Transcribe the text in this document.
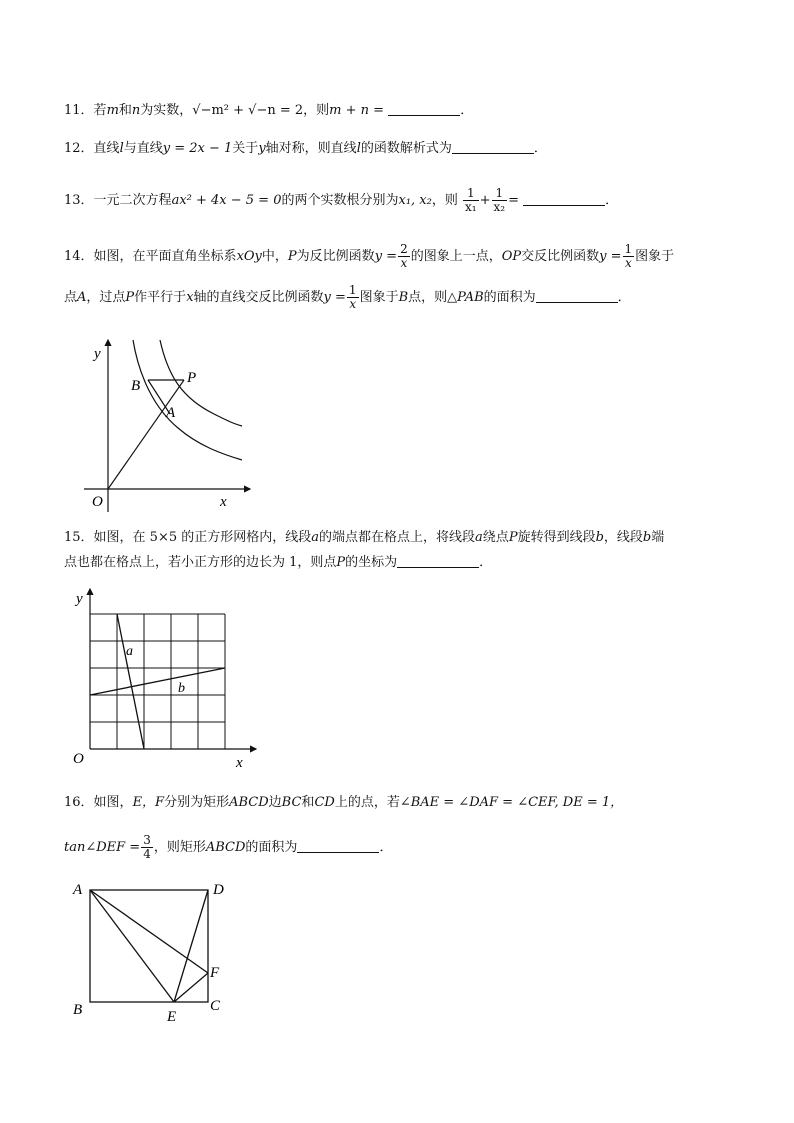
11．若m和n为实数，√−m² + √−n = 2，则m + n =	．
12．直线l与直线y = 2x − 1关于y轴对称，则直线l的函数解析式为	．
13．一元二次方程ax² + 4x − 5 = 0的两个实数根分别为x₁, x₂，则 $\frac{1}{\text{x₁}} + \frac{1}{\text{x₂}}$ =	．
14．如图，在平面直角坐标系xOy中，P为反比例函数$y = \frac{2}{x}$ 的图象上一点，OP交反比例函数$y = \frac{1}{x}$ 图象于
点A，过点P作平行于x轴的直线交反比例函数$y = \frac{1}{x}$ 图象于B点，则△PAB的面积为	．
y
x
O
B	P
A
15．如图，在 5×5 的正方形网格内，线段a的端点都在格点上，将线段a绕点P旋转得到线段b，线段b端
点也都在格点上，若小正方形的边长为 1，则点P的坐标为	．
y
x
O
a
b
16．如图，E，F分别为矩形ABCD边BC和CD上的点，若∠BAE = ∠DAF = ∠CEF, DE = 1，
tan∠DEF = $\frac{3}{4}$ ，则矩形ABCD的面积为	．
A	D
B	C
E
F
